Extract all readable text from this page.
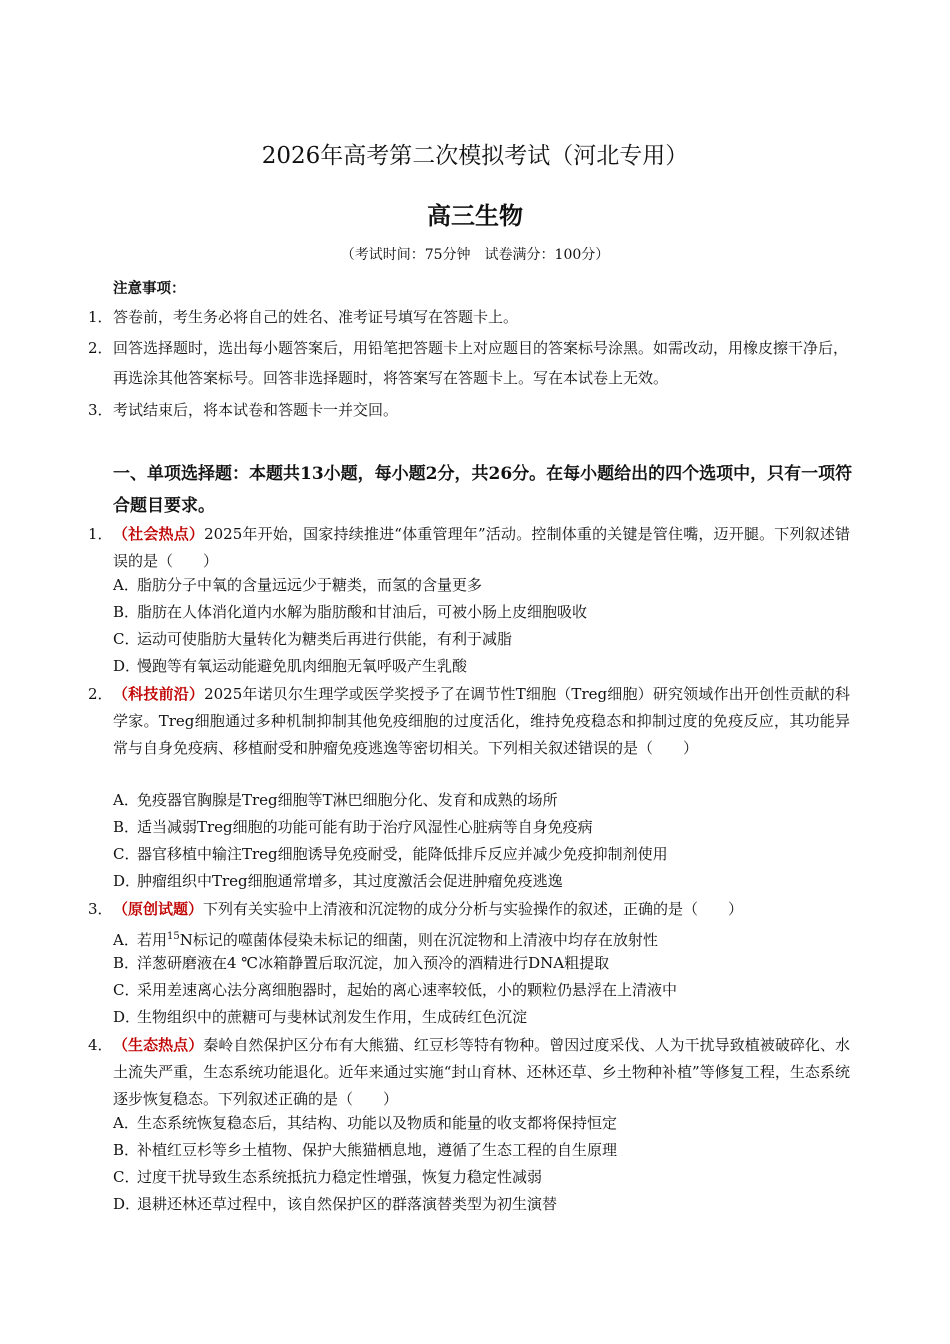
2026年高考第二次模拟考试（河北专用）
高三生物
（考试时间：75分钟　试卷满分：100分）
注意事项：
1． 答卷前，考生务必将自己的姓名、准考证号填写在答题卡上。
2． 回答选择题时，选出每小题答案后，用铅笔把答题卡上对应题目的答案标号涂黑。如需改动，用橡皮擦干净后，再选涂其他答案标号。回答非选择题时，将答案写在答题卡上。写在本试卷上无效。
3． 考试结束后，将本试卷和答题卡一并交回。
一、单项选择题：本题共13小题，每小题2分，共26分。在每小题给出的四个选项中，只有一项符合题目要求。
1． （社会热点）2025年开始，国家持续推进“体重管理年”活动。控制体重的关键是管住嘴，迈开腿。下列叙述错误的是（　　）
A．脂肪分子中氧的含量远远少于糖类，而氢的含量更多
B．脂肪在人体消化道内水解为脂肪酸和甘油后，可被小肠上皮细胞吸收
C．运动可使脂肪大量转化为糖类后再进行供能，有利于减脂
D．慢跑等有氧运动能避免肌肉细胞无氧呼吸产生乳酸
2． （科技前沿）2025年诺贝尔生理学或医学奖授予了在调节性T细胞（Treg细胞）研究领域作出开创性贡献的科学家。Treg细胞通过多种机制抑制其他免疫细胞的过度活化，维持免疫稳态和抑制过度的免疫反应，其功能异常与自身免疫病、移植耐受和肿瘤免疫逃逸等密切相关。下列相关叙述错误的是（　　）
A．免疫器官胸腺是Treg细胞等T淋巴细胞分化、发育和成熟的场所
B．适当减弱Treg细胞的功能可能有助于治疗风湿性心脏病等自身免疫病
C．器官移植中输注Treg细胞诱导免疫耐受，能降低排斥反应并减少免疫抑制剂使用
D．肿瘤组织中Treg细胞通常增多，其过度激活会促进肿瘤免疫逃逸
3． （原创试题）下列有关实验中上清液和沉淀物的成分分析与实验操作的叙述，正确的是（　　）
A．若用$^{15}$N标记的噬菌体侵染未标记的细菌，则在沉淀物和上清液中均存在放射性
B．洋葱研磨液在4 ℃冰箱静置后取沉淀，加入预冷的酒精进行DNA粗提取
C．采用差速离心法分离细胞器时，起始的离心速率较低，小的颗粒仍悬浮在上清液中
D．生物组织中的蔗糖可与斐林试剂发生作用，生成砖红色沉淀
4． （生态热点）秦岭自然保护区分布有大熊猫、红豆杉等特有物种。曾因过度采伐、人为干扰导致植被破碎化、水土流失严重，生态系统功能退化。近年来通过实施“封山育林、还林还草、乡土物种补植”等修复工程，生态系统逐步恢复稳态。下列叙述正确的是（　　）
A．生态系统恢复稳态后，其结构、功能以及物质和能量的收支都将保持恒定
B．补植红豆杉等乡土植物、保护大熊猫栖息地，遵循了生态工程的自生原理
C．过度干扰导致生态系统抵抗力稳定性增强，恢复力稳定性减弱
D．退耕还林还草过程中，该自然保护区的群落演替类型为初生演替
